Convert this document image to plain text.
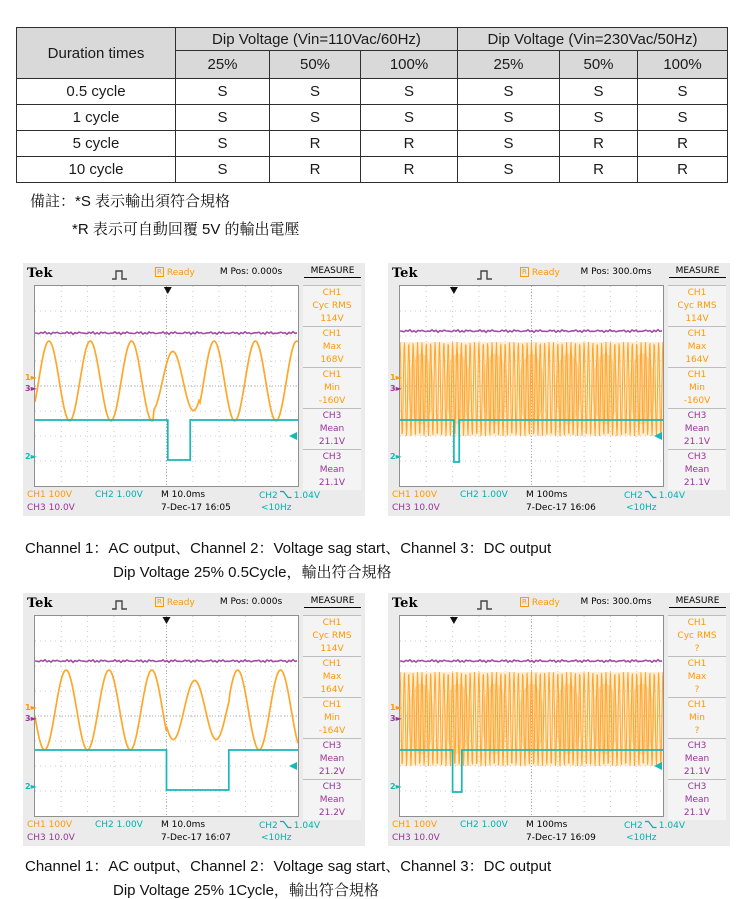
Duration times	Dip Voltage (Vin=110Vac/60Hz)			Dip Voltage (Vin=230Vac/50Hz)		
	25%	50%	100%	25%	50%	100%
0.5 cycle	S	S	S	S	S	S
1 cycle	S	S	S	S	S	S
5 cycle	S	R	R	S	R	R
10 cycle	S	R	R	S	R	R
備註：*S 表示輸出須符合規格
*R 表示可自動回覆 5V 的輸出電壓
Tek	R Ready	M Pos: 0.000s	MEASURE
1►
3►
2►
CH1
Cyc RMS
114V
CH1
Max
168V
CH1
Min
-160V
CH3
Mean
21.1V
CH3
Mean
21.1V
CH1 100V	CH2 1.00V M 10.0ms	CH2 1.04V
CH3 10.0V	7-Dec-17 16:05	<10Hz
Tek	R Ready	M Pos: 300.0ms	MEASURE
1►
3►
2►
CH1
Cyc RMS
114V
CH1
Max
164V
CH1
Min
-160V
CH3
Mean
21.1V
CH3
Mean
21.1V
CH1 100V	CH2 1.00V M 100ms	CH2 1.04V
CH3 10.0V	7-Dec-17 16:06	<10Hz
Tek	R Ready	M Pos: 0.000s	MEASURE
1►
3►
2►
CH1
Cyc RMS
114V
CH1
Max
164V
CH1
Min
-164V
CH3
Mean
21.2V
CH3
Mean
21.2V
CH1 100V	CH2 1.00V M 10.0ms	CH2 1.04V
CH3 10.0V	7-Dec-17 16:07	<10Hz
Tek	R Ready	M Pos: 300.0ms	MEASURE
1►
3►
2►
CH1
Cyc RMS
?
CH1
Max
?
CH1
Min
?
CH3
Mean
21.1V
CH3
Mean
21.1V
CH1 100V	CH2 1.00V M 100ms	CH2 1.04V
CH3 10.0V	7-Dec-17 16:09	<10Hz
Channel 1：AC output、Channel 2：Voltage sag start、Channel 3：DC output
Dip Voltage 25% 0.5Cycle，輸出符合規格
Channel 1：AC output、Channel 2：Voltage sag start、Channel 3：DC output
Dip Voltage 25% 1Cycle，輸出符合規格
